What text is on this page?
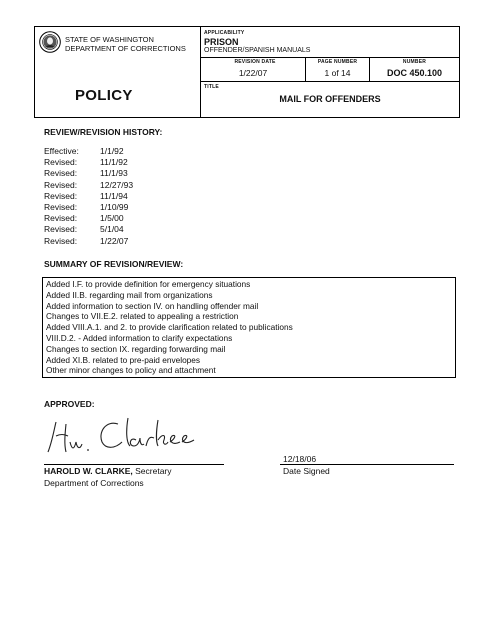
STATE OF WASHINGTON
DEPARTMENT OF CORRECTIONS
POLICY
APPLICABILITY
PRISON
OFFENDER/SPANISH MANUALS
REVISION DATE
1/22/07
PAGE NUMBER
1 of 14
NUMBER
DOC 450.100
TITLE
MAIL FOR OFFENDERS
REVIEW/REVISION HISTORY:
Effective: 1/1/92
Revised:	11/1/92
Revised:	11/1/93
Revised:	12/27/93
Revised:	11/1/94
Revised:	1/10/99
Revised:	1/5/00
Revised:	5/1/04
Revised:	1/22/07
SUMMARY OF REVISION/REVIEW:
Added I.F. to provide definition for emergency situations
Added II.B. regarding mail from organizations
Added information to section IV. on handling offender mail
Changes to VII.E.2. related to appealing a restriction
Added VIII.A.1. and 2. to provide clarification related to publications
VIII.D.2. - Added information to clarify expectations
Changes to section IX. regarding forwarding mail
Added XI.B. related to pre-paid envelopes
Other minor changes to policy and attachment
APPROVED:
HAROLD W. CLARKE, Secretary
Department of Corrections
12/18/06
Date Signed
